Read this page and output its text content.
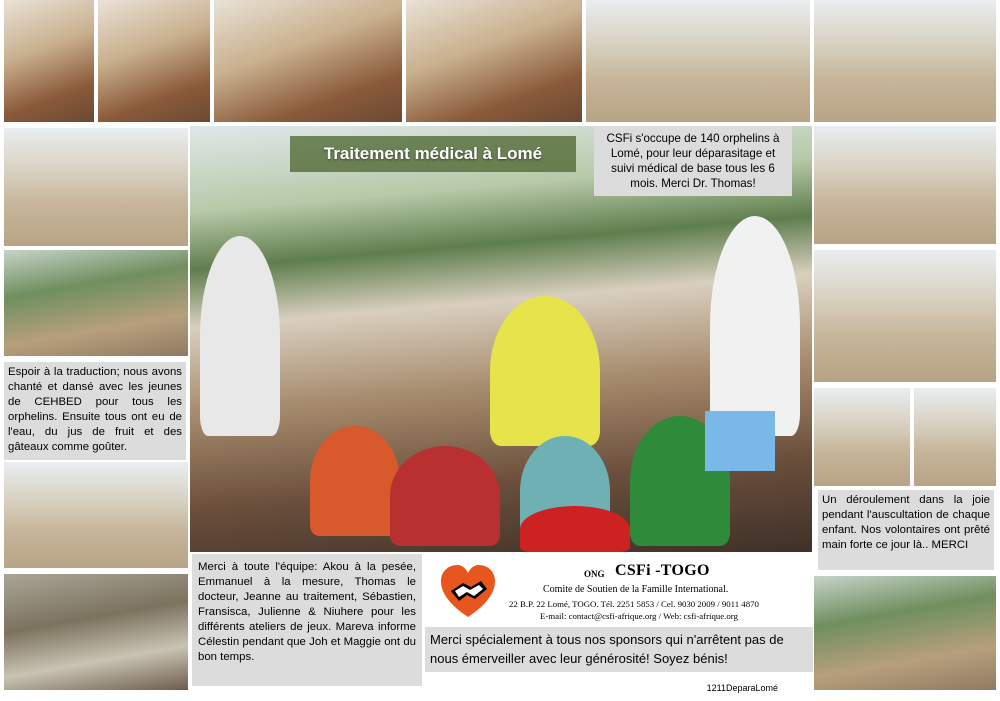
Traitement médical à Lomé
CSFi s'occupe de 140 orphelins à Lomé, pour leur déparasitage et suivi médical de base tous les 6 mois. Merci Dr. Thomas!
Espoir à la traduction; nous avons chanté et dansé avec les jeunes de CEHBED pour tous les orphelins. Ensuite tous ont eu de l'eau, du jus de fruit et des gâteaux comme goûter.
Un déroulement dans la joie pendant l'auscultation de chaque enfant. Nos volontaires ont prêté main forte ce jour là.. MERCI
Merci à toute l'équipe: Akou à la pesée, Emmanuel à la mesure, Thomas le docteur, Jeanne au traitement, Sébastien, Fransisca, Julienne & Niuhere pour les différents ateliers de jeux. Mareva informe Célestin pendant que Joh et Maggie ont du bon temps.
ONG CSFi -TOGO
Comite de Soutien de la Famille International.
22 B.P. 22 Lomé, TOGO. Tél. 2251 5853 / Cel. 9030 2009 / 9011 4870
E-mail: contact@csfi-afrique.org / Web: csfi-afrique.org
Merci spécialement à tous nos sponsors qui n'arrêtent pas de nous émerveiller avec leur générosité! Soyez bénis!
1211DeparaLomé
